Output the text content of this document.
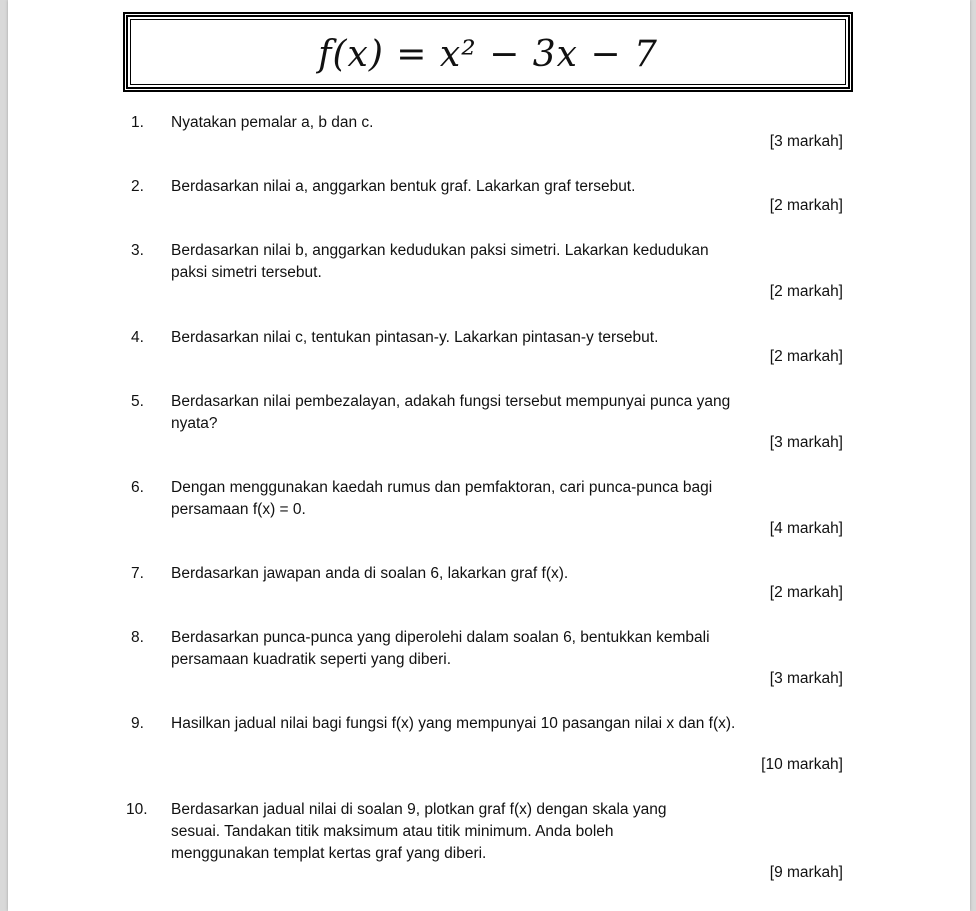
f(x) = x² − 3x − 7
1. Nyatakan pemalar a, b dan c.
[3 markah]
2. Berdasarkan nilai a, anggarkan bentuk graf. Lakarkan graf tersebut.
[2 markah]
3. Berdasarkan nilai b, anggarkan kedudukan paksi simetri. Lakarkan kedudukan paksi simetri tersebut.
[2 markah]
4. Berdasarkan nilai c, tentukan pintasan-y. Lakarkan pintasan-y tersebut.
[2 markah]
5. Berdasarkan nilai pembezalayan, adakah fungsi tersebut mempunyai punca yang nyata?
[3 markah]
6. Dengan menggunakan kaedah rumus dan pemfaktoran, cari punca-punca bagi persamaan f(x) = 0.
[4 markah]
7. Berdasarkan jawapan anda di soalan 6, lakarkan graf f(x).
[2 markah]
8. Berdasarkan punca-punca yang diperolehi dalam soalan 6, bentukkan kembali persamaan kuadratik seperti yang diberi.
[3 markah]
9. Hasilkan jadual nilai bagi fungsi f(x) yang mempunyai 10 pasangan nilai x dan f(x).
[10 markah]
10. Berdasarkan jadual nilai di soalan 9, plotkan graf f(x) dengan skala yang sesuai. Tandakan titik maksimum atau titik minimum. Anda boleh menggunakan templat kertas graf yang diberi.
[9 markah]
